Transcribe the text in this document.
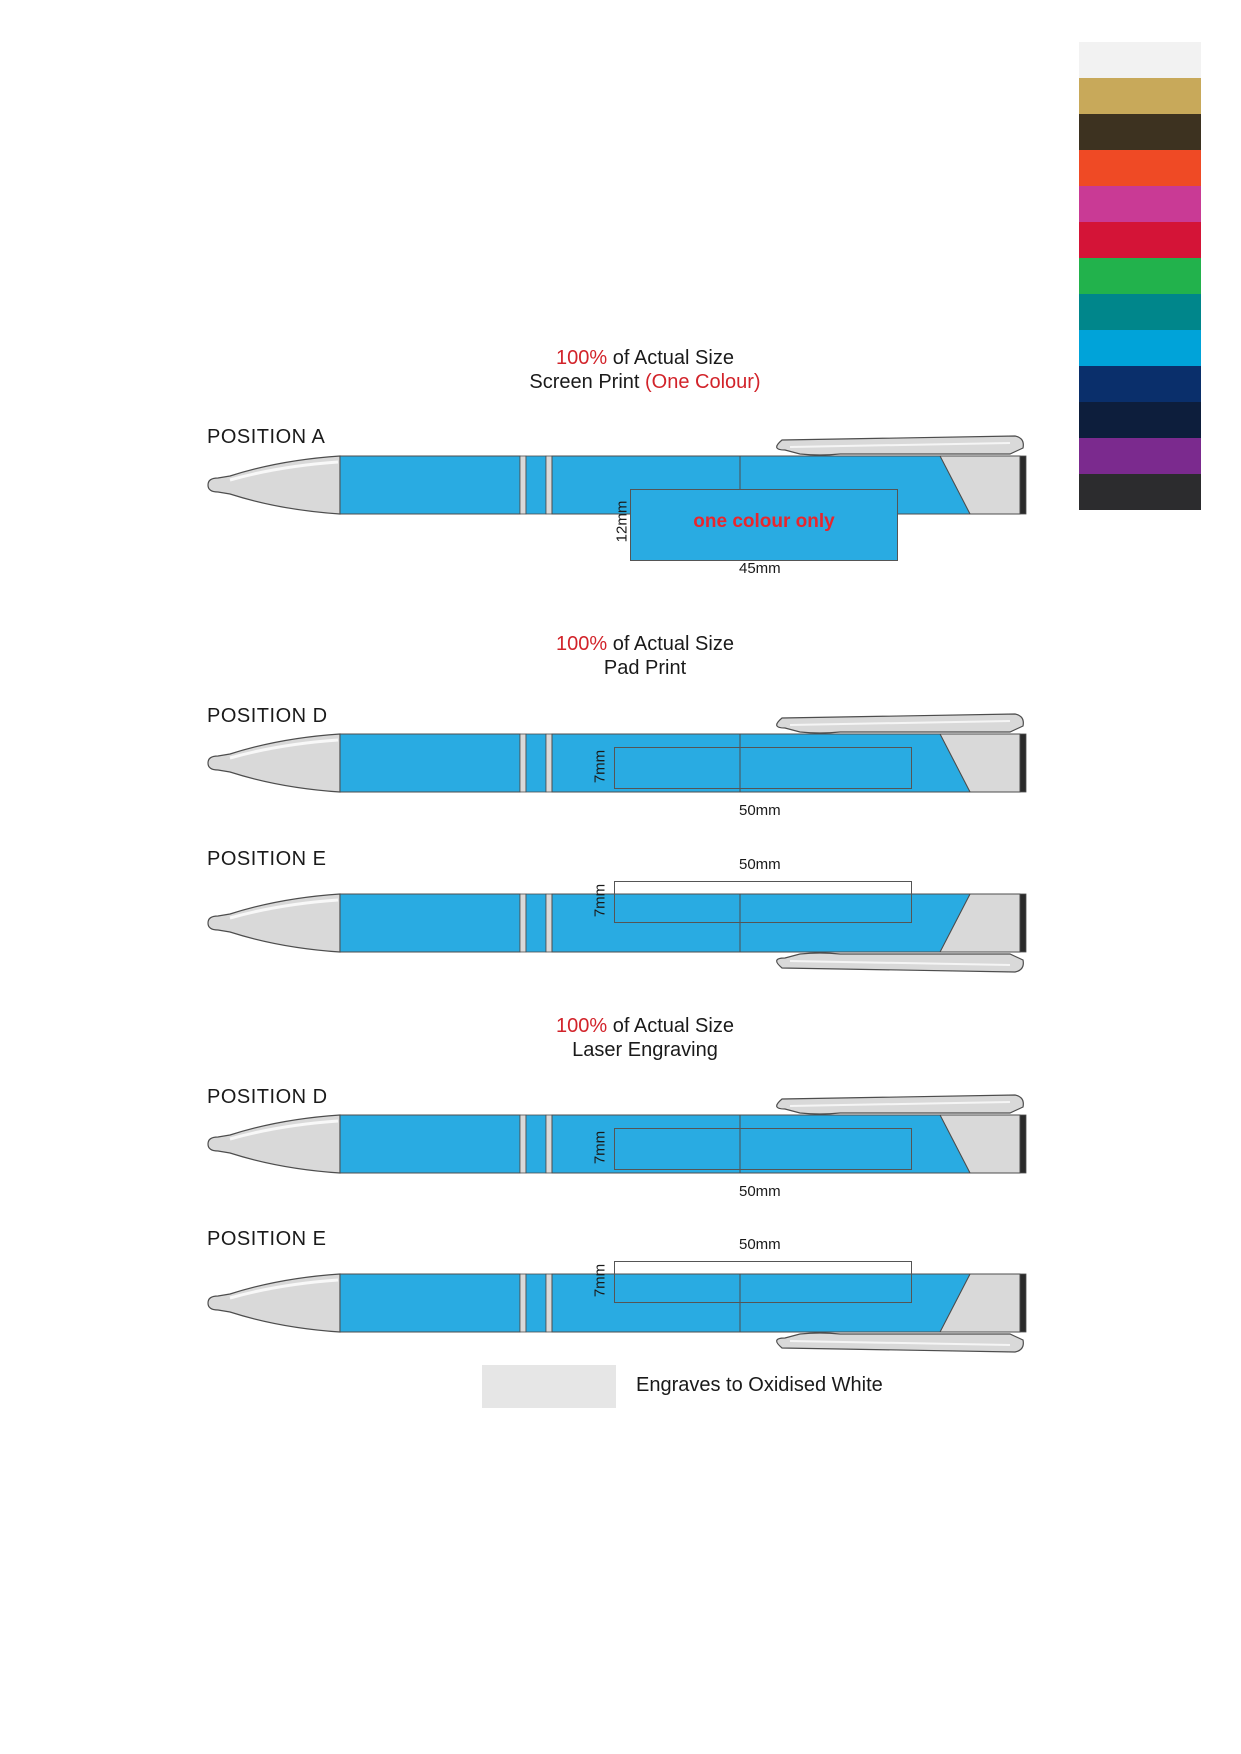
100% of Actual Size
Screen Print (One Colour)
POSITION A
one colour only
12mm
45mm
100% of Actual Size
Pad Print
POSITION D
7mm
50mm
POSITION E	50mm
7mm
100% of Actual Size
Laser Engraving
POSITION D
7mm
50mm
POSITION E	50mm
7mm
Engraves to Oxidised White
